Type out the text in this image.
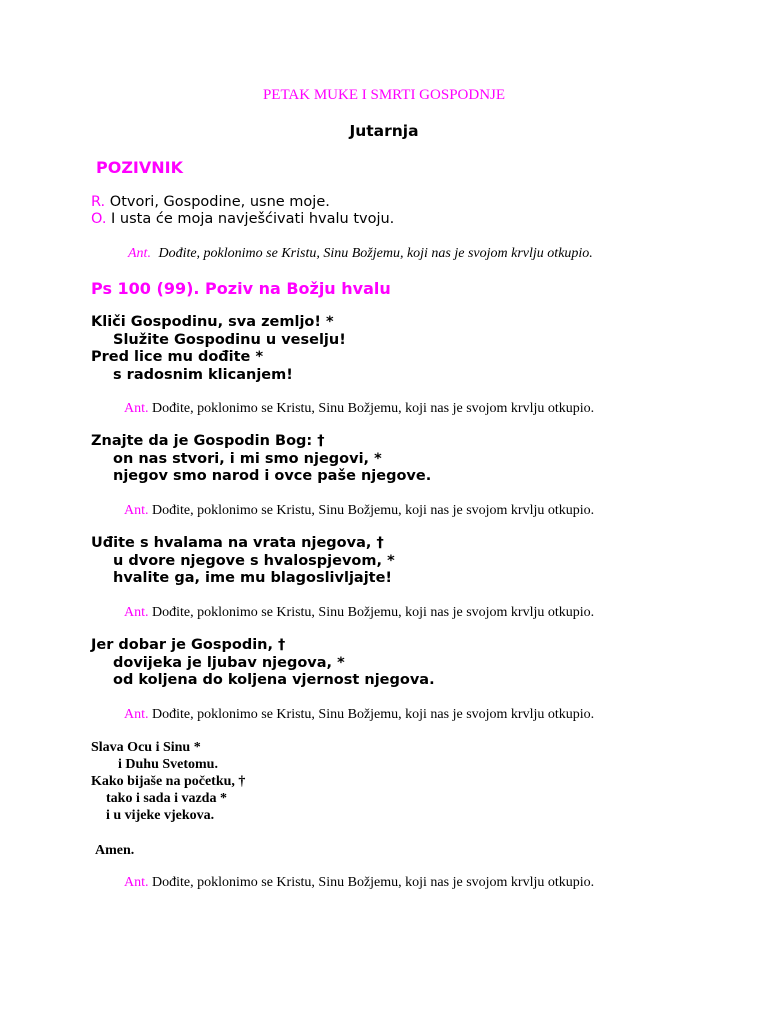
PETAK MUKE I SMRTI GOSPODNJE
Jutarnja
POZIVNIK
R. Otvori, Gospodine, usne moje.
O. I usta će moja navješćivati hvalu tvoju.
Ant. Dođite, poklonimo se Kristu, Sinu Božjemu, koji nas je svojom krvlju otkupio.
Ps 100 (99). Poziv na Božju hvalu
Kliči Gospodinu, sva zemljo! *
Služite Gospodinu u veselju!
Pred lice mu dođite *
s radosnim klicanjem!
Ant. Dođite, poklonimo se Kristu, Sinu Božjemu, koji nas je svojom krvlju otkupio.
Znajte da je Gospodin Bog: †
on nas stvori, i mi smo njegovi, *
njegov smo narod i ovce paše njegove.
Ant. Dođite, poklonimo se Kristu, Sinu Božjemu, koji nas je svojom krvlju otkupio.
Uđite s hvalama na vrata njegova, †
u dvore njegove s hvalospjevom, *
hvalite ga, ime mu blagoslivljajte!
Ant. Dođite, poklonimo se Kristu, Sinu Božjemu, koji nas je svojom krvlju otkupio.
Jer dobar je Gospodin, †
dovijeka je ljubav njegova, *
od koljena do koljena vjernost njegova.
Ant. Dođite, poklonimo se Kristu, Sinu Božjemu, koji nas je svojom krvlju otkupio.
Slava Ocu i Sinu *
i Duhu Svetomu.
Kako bijaše na početku, †
tako i sada i vazda *
i u vijeke vjekova.
Amen.
Ant. Dođite, poklonimo se Kristu, Sinu Božjemu, koji nas je svojom krvlju otkupio.
